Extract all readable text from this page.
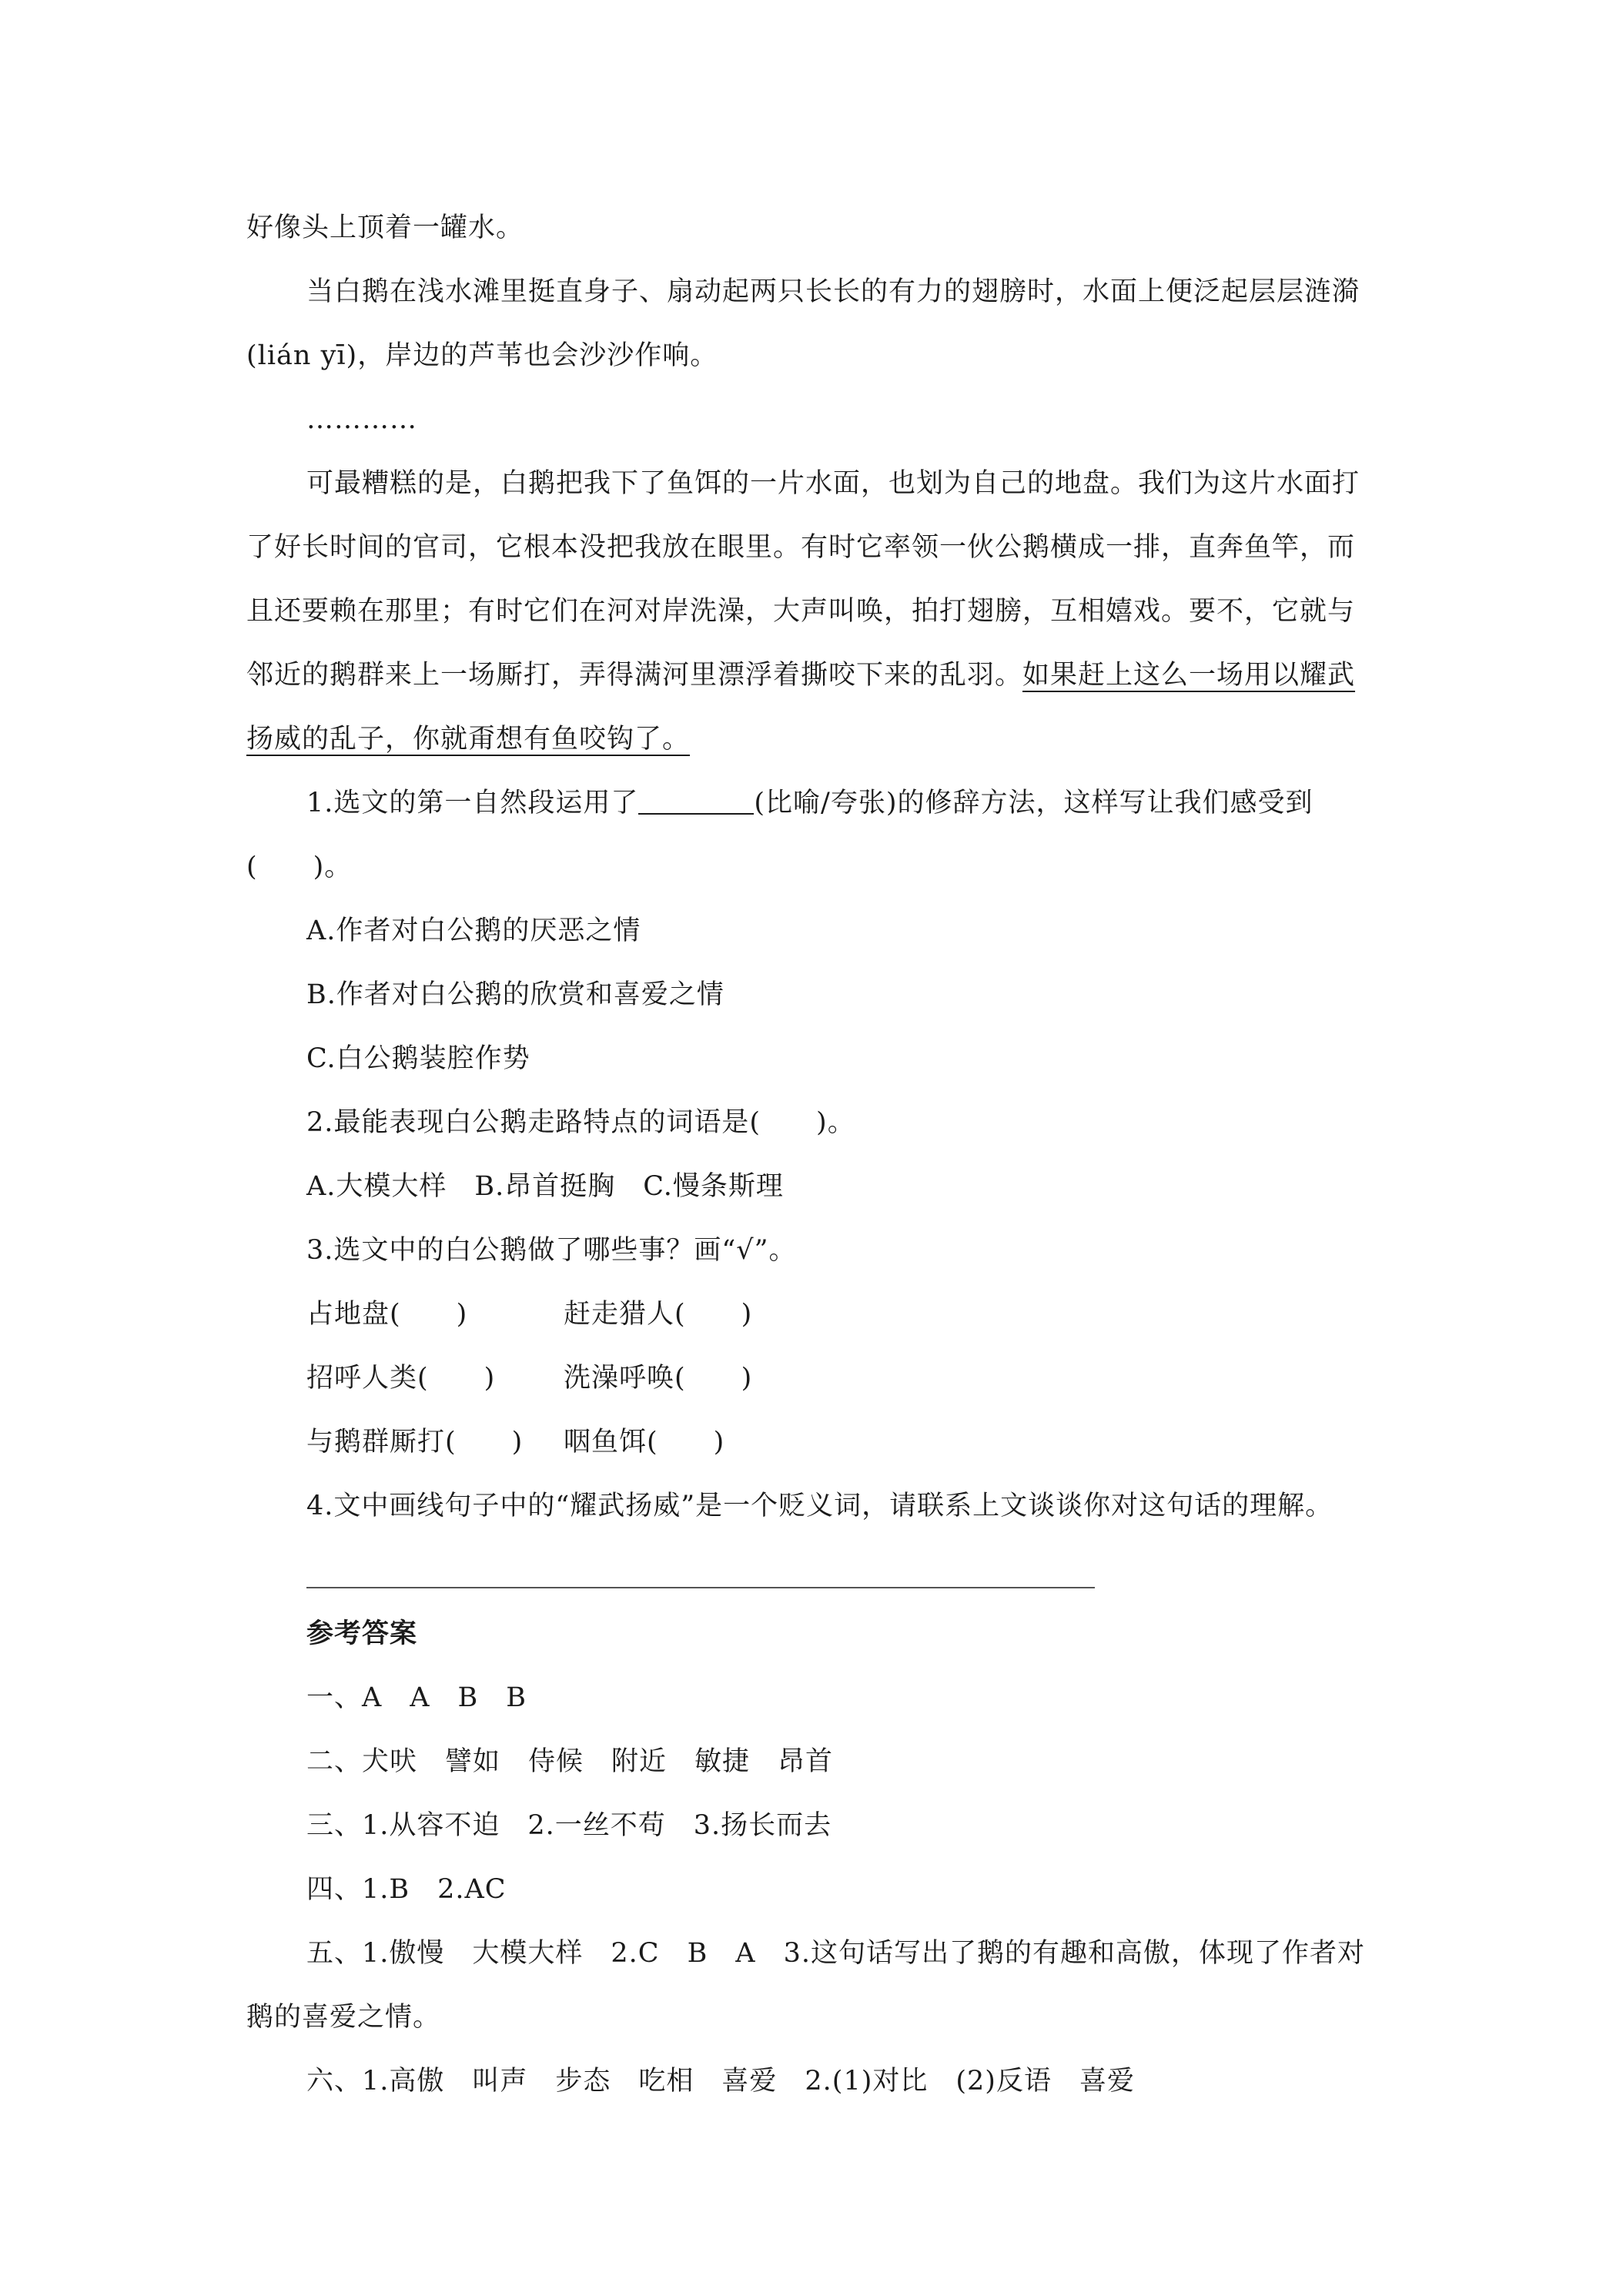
好像头上顶着一罐水。
当白鹅在浅水滩里挺直身子、扇动起两只长长的有力的翅膀时，水面上便泛起层层涟漪
(lián yī)，岸边的芦苇也会沙沙作响。
…………
可最糟糕的是，白鹅把我下了鱼饵的一片水面，也划为自己的地盘。我们为这片水面打
了好长时间的官司，它根本没把我放在眼里。有时它率领一伙公鹅横成一排，直奔鱼竿，而
且还要赖在那里；有时它们在河对岸洗澡，大声叫唤，拍打翅膀，互相嬉戏。要不，它就与
邻近的鹅群来上一场厮打，弄得满河里漂浮着撕咬下来的乱羽。如果赶上这么一场用以耀武
扬威的乱子，你就甭想有鱼咬钩了。
1.选文的第一自然段运用了	(比喻/夸张)的修辞方法，这样写让我们感受到
(　　)。
A.作者对白公鹅的厌恶之情
B.作者对白公鹅的欣赏和喜爱之情
C.白公鹅装腔作势
2.最能表现白公鹅走路特点的词语是(　　)。
A.大模大样　B.昂首挺胸　C.慢条斯理
3.选文中的白公鹅做了哪些事？画“√”。
占地盘(　　)	赶走猎人(　　)
招呼人类(　　)	洗澡呼唤(　　)
与鹅群厮打(　　) 咽鱼饵(　　)
4.文中画线句子中的“耀武扬威”是一个贬义词，请联系上文谈谈你对这句话的理解。
参考答案
一、A　A　B　B
二、犬吠　譬如　侍候　附近　敏捷　昂首
三、1.从容不迫　2.一丝不苟　3.扬长而去
四、1.B　2.AC
五、1.傲慢　大模大样　2.C　B　A　3.这句话写出了鹅的有趣和高傲，体现了作者对
鹅的喜爱之情。
六、1.高傲　叫声　步态　吃相　喜爱　2.(1)对比　(2)反语　喜爱
